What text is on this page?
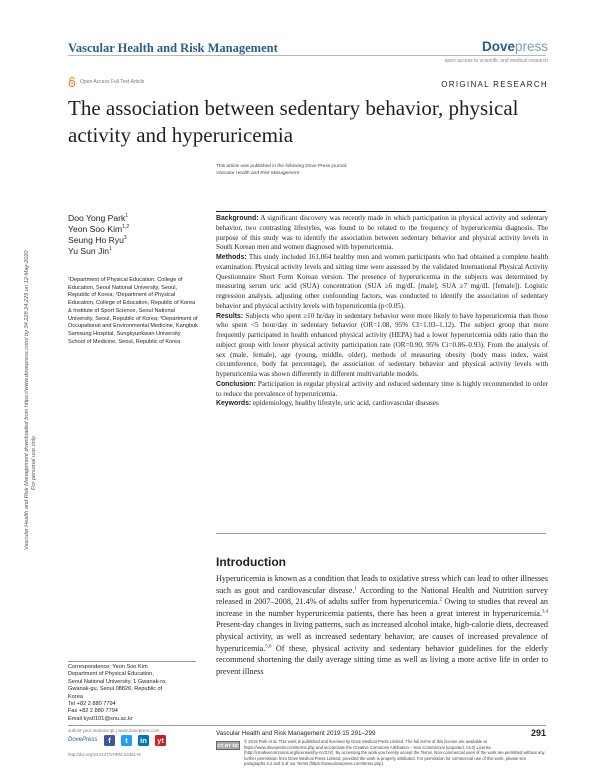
Vascular Health and Risk Management	Dovepress
open access to scientific and medical research
Open Access Full Text Article	ORIGINAL RESEARCH
The association between sedentary behavior, physical activity and hyperuricemia
This article was published in the following Dove Press journal:
Vascular Health and Risk Management
Vascular Health and Risk Management downloaded from https://www.dovepress.com/ by 34.228.24.229 on 12-May-2020 For personal use only.
Doo Yong Park$^1$
Yeon Soo Kim$^{1,2}$
Seung Ho Ryu$^3$
Yu Sun Jin$^1$
¹Department of Physical Education, College of Education, Seoul National University, Seoul, Republic of Korea; ²Department of Physical Education, College of Education, Republic of Korea & Institute of Sport Science, Seoul National University, Seoul, Republic of Korea; ³Department of Occupational and Environmental Medicine, Kangbuk Samsung Hospital, Sungkyunkwan University School of Medicine, Seoul, Republic of Korea
Correspondence: Yeon Soo Kim
Department of Physical Education,
Seoul National University, 1 Gwanak-ro,
Gwanak-gu, Seoul 08826, Republic of
Korea
Tel +82 2 880 7794
Fax +82 2 880 7794
Email kys0101@snu.ac.kr

Background: A significant discovery was recently made in which participation in physical activity and sedentary behavior, two contrasting lifestyles, was found to be related to the frequency of hyperuricemia diagnosis. The purpose of this study was to identify the association between sedentary behavior and physical activity levels in South Korean men and women diagnosed with hyperuricemia.

Methods: This study included 161,064 healthy men and women participants who had obtained a complete health examination. Physical activity levels and sitting time were assessed by the validated International Physical Activity Questionnaire Short Form Korean version. The presence of hyperuricemia in the subjects was determined by measuring serum uric acid (SUA) concentration (SUA ≥6 mg/dL [male], SUA ≥7 mg/dL [female]). Logistic regression analysis, adjusting other confounding factors, was conducted to identify the association of sedentary behavior and physical activity levels with hyperuricemia (p<0.05).

Results: Subjects who spent ≥10 hr/day in sedentary behavior were more likely to have hyperuricemia than those who spent <5 hour/day in sedentary behavior (OR=1.08, 95% CI=1.03–1.12). The subject group that more frequently participated in health enhanced physical activity (HEPA) had a lower hyperuricemia odds ratio than the subject group with lower physical activity participation rate (OR=0.90, 95% Ci=0.86–0.93). From the analysis of sex (male, female), age (young, middle, older), methods of measuring obesity (body mass index, waist circumference, body fat percentage), the association of sedentary behavior and physical activity levels with hyperuricemia was shown differently in different multivariable models.

Conclusion: Participation in regular physical activity and reduced sedentary time is highly recommended in order to reduce the prevalence of hyperuricemia.

Keywords: epidemiology, healthy lifestyle, uric acid, cardiovascular diseases

Introduction
Hyperuricemia is known as a condition that leads to oxidative stress which can lead to other illnesses such as gout and cardiovascular disease.$^1$ According to the National Health and Nutrition survey released in 2007–2008, 21.4% of adults suffer from hyperuricemia.$^2$ Owing to studies that reveal an increase in the number hyperuricemia patients, there has been a great interest in hyperuricemia.$^{3,4}$ Present-day changes in living patterns, such as increased alcohol intake, high-calorie diets, decreased physical activity, as well as increased sedentary behavior, are causes of increased prevalence of hyperuricemia.$^{5,6}$ Of these, physical activity and sedentary behavior guidelines for the elderly recommend shortening the daily average sitting time as well as living a more active life in order to prevent illness
submit your manuscript | www.dovepress.com
DovePress	f	t	in yt
http://doi.org/10.2147/VHRM.S246176
Vascular Health and Risk Management 2019:15 291–299	291
CC BY NC
© 2019 Park et al. This work is published and licensed by Dove Medical Press Limited. The full terms of this license are available at https://www.dovepress.com/terms.php and incorporate the Creative Commons Attribution – Non Commercial (unported, v3.0) License (http://creativecommons.org/licenses/by-nc/3.0/). By accessing the work you hereby accept the Terms. Non-commercial uses of the work are permitted without any further permission from Dove Medical Press Limited, provided the work is properly attributed. For permission for commercial use of this work, please see paragraphs 4.2 and 5 of our Terms (https://www.dovepress.com/terms.php).
